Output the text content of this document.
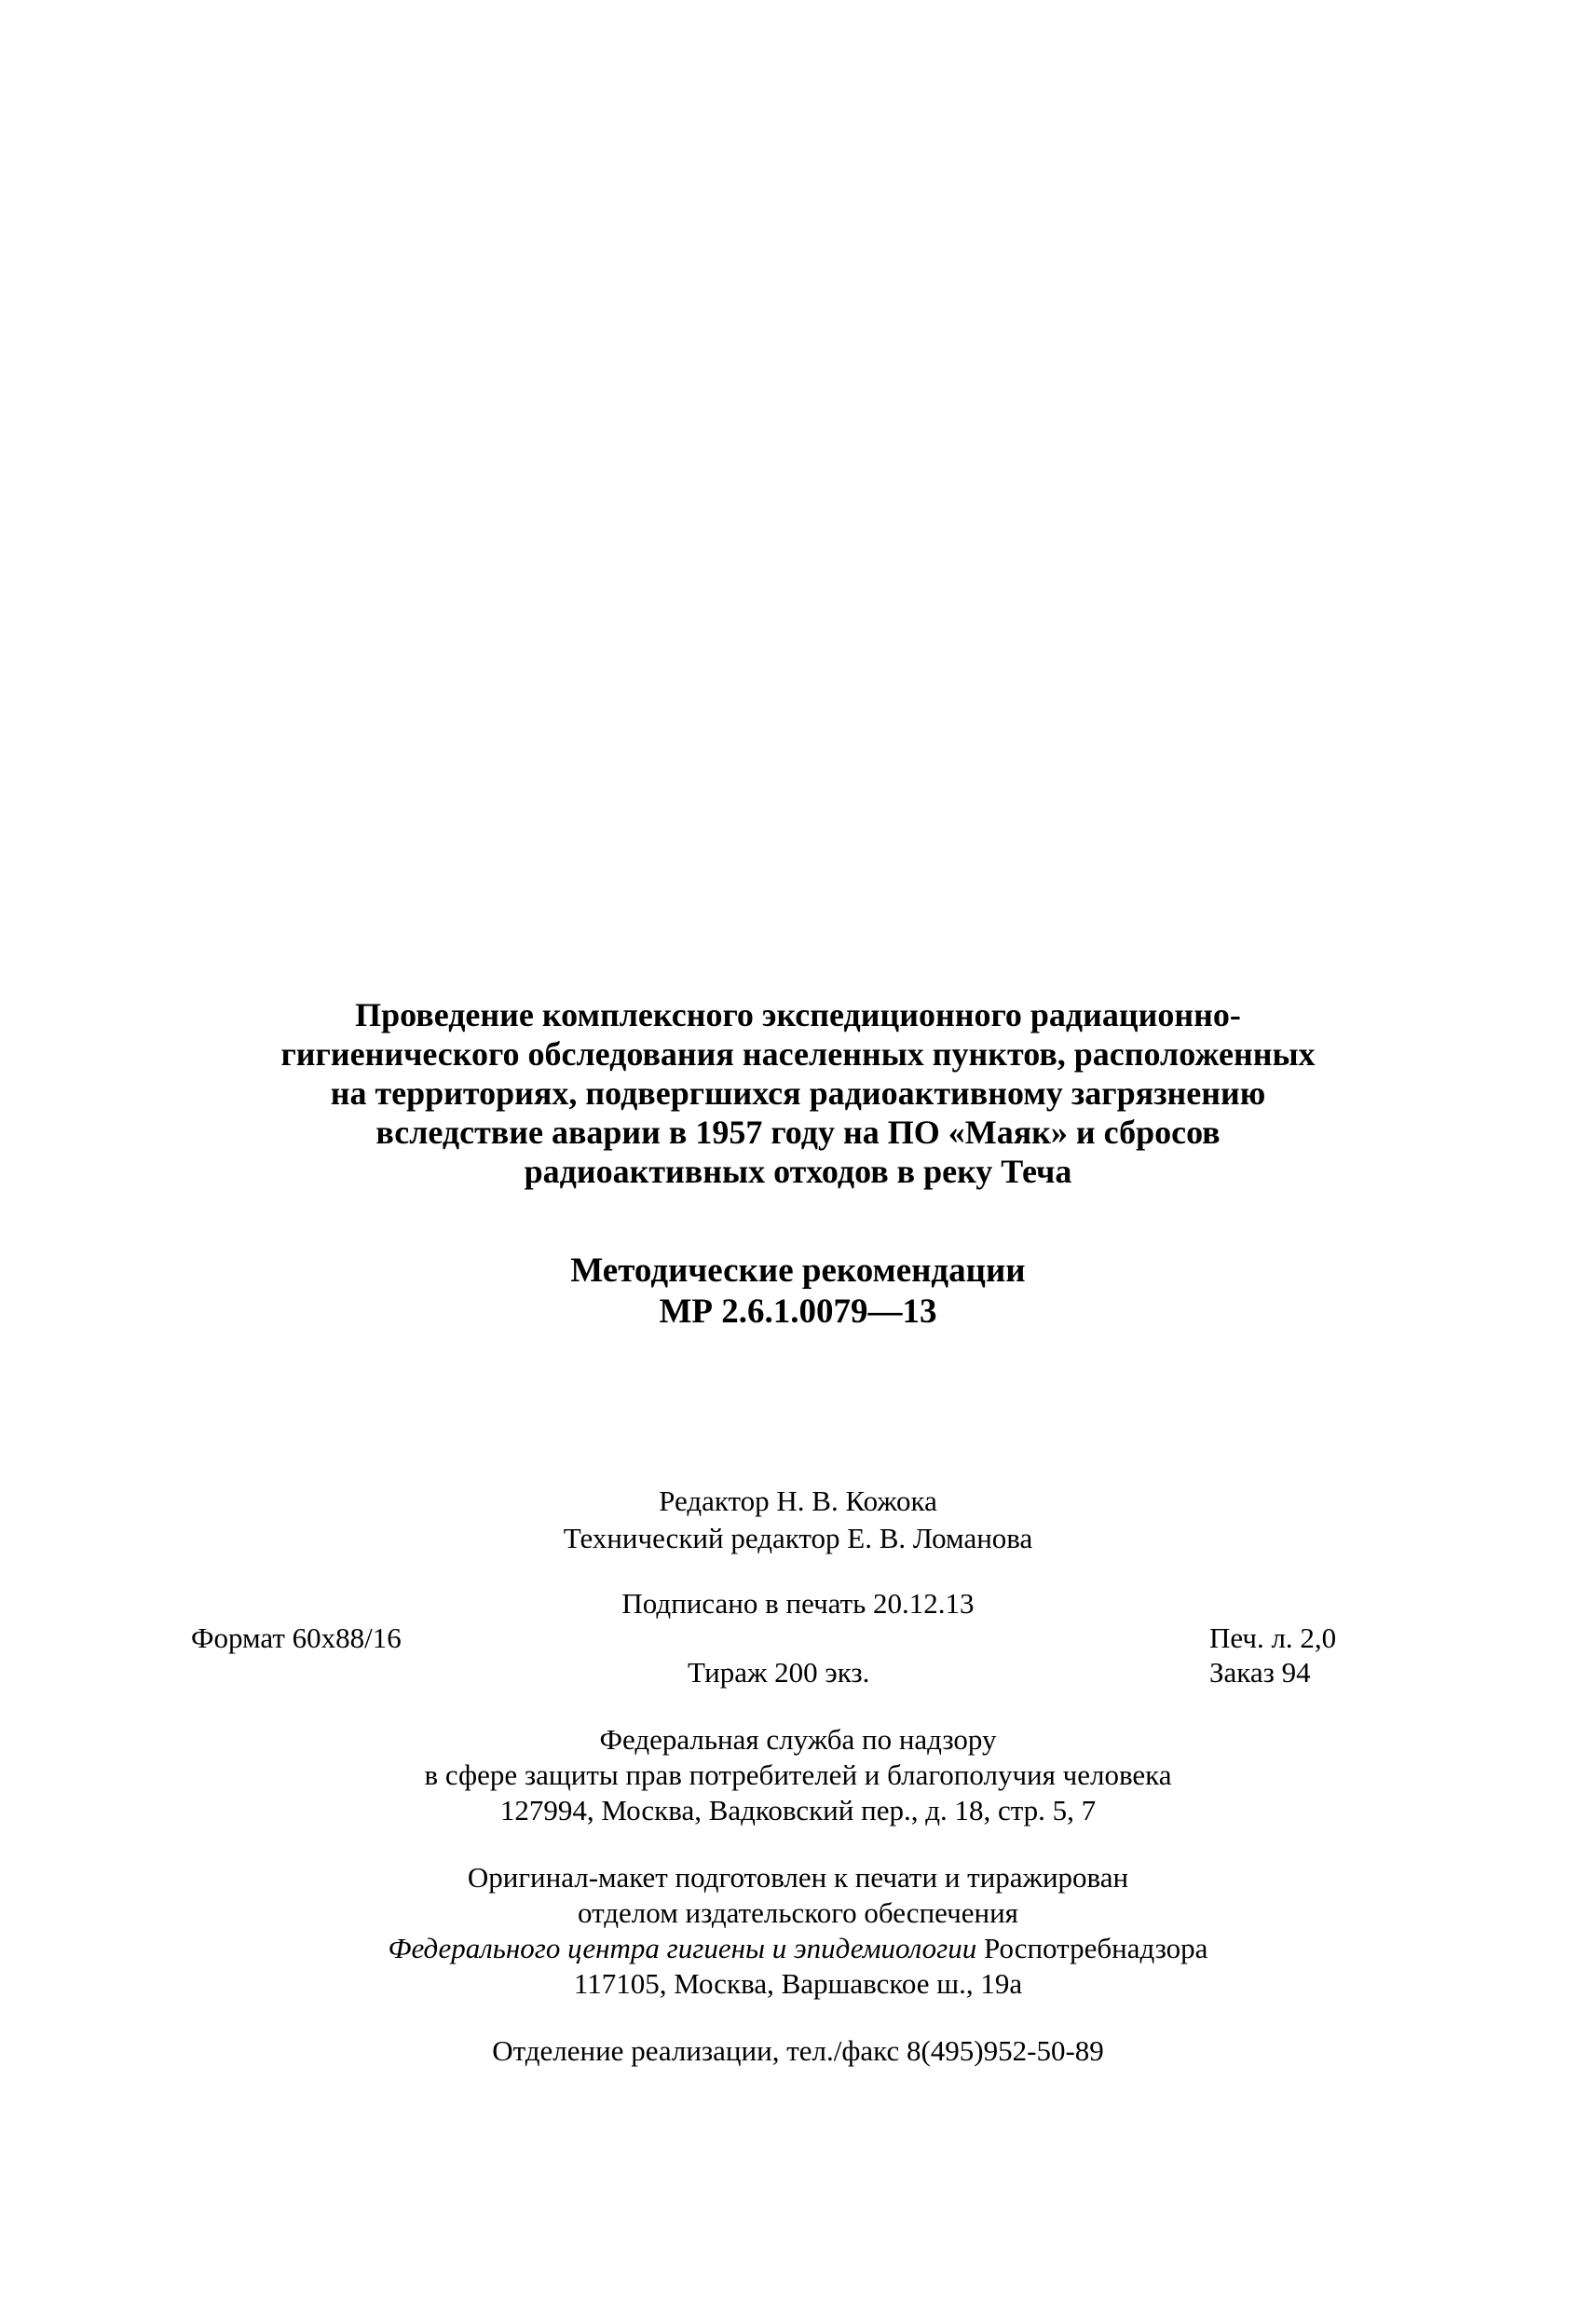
Проведение комплексного экспедиционного радиационно-
гигиенического обследования населенных пунктов, расположенных
на территориях, подвергшихся радиоактивному загрязнению
вследствие аварии в 1957 году на ПО «Маяк» и сбросов
радиоактивных отходов в реку Теча
Методические рекомендации
МР 2.6.1.0079—13
Редактор Н. В. Кожока
Технический редактор Е. В. Ломанова
Подписано в печать 20.12.13
Формат 60x88/16	Печ. л. 2,0
Тираж 200 экз.	Заказ 94
Федеральная служба по надзору
в сфере защиты прав потребителей и благополучия человека
127994, Москва, Вадковский пер., д. 18, стр. 5, 7
Оригинал-макет подготовлен к печати и тиражирован
отделом издательского обеспечения
Федерального центра гигиены и эпидемиологии Роспотребнадзора
117105, Москва, Варшавское ш., 19а
Отделение реализации, тел./факс 8(495)952-50-89
